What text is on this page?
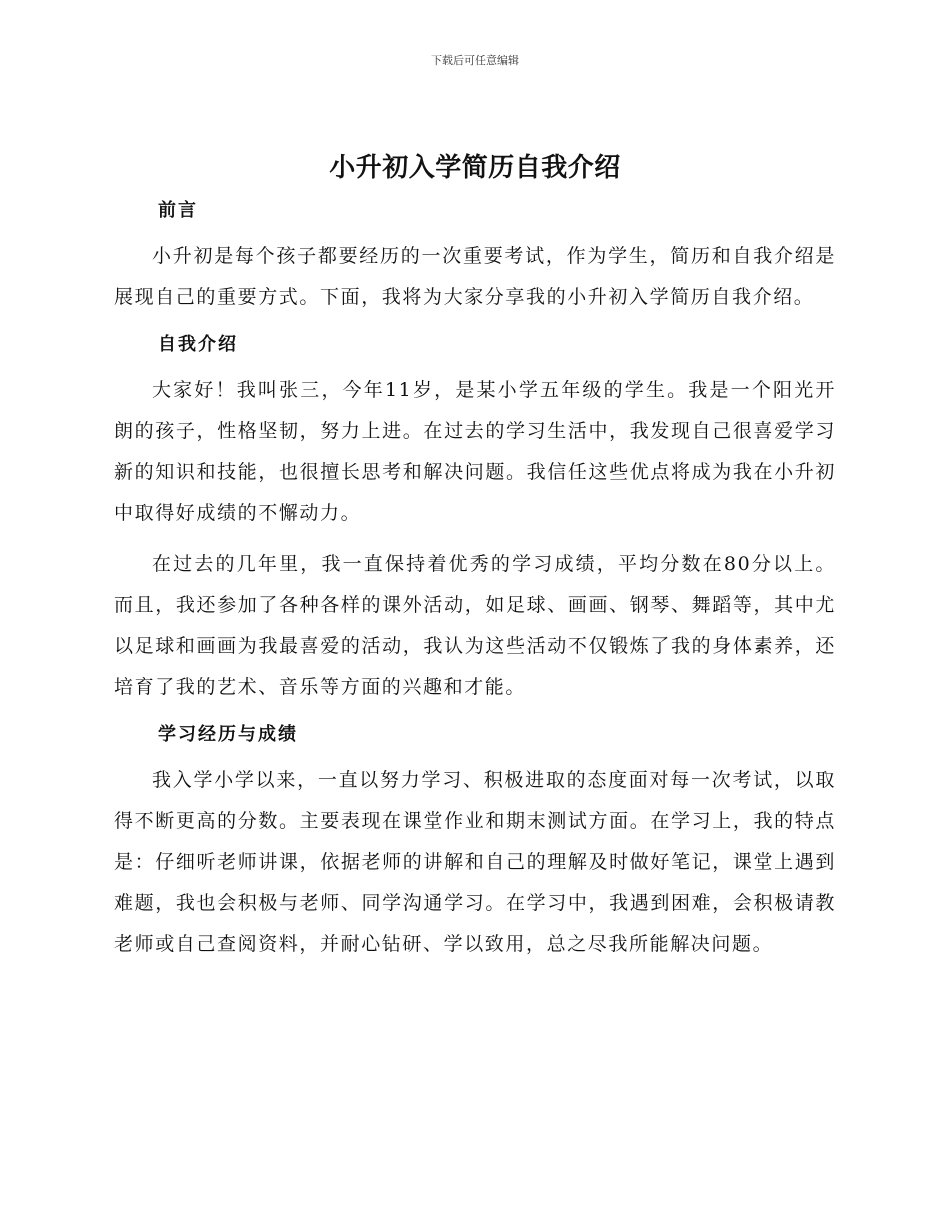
下载后可任意编辑
小升初入学简历自我介绍
前言

小升初是每个孩子都要经历的一次重要考试，作为学生，简历和自我介绍是展现自己的重要方式。下面，我将为大家分享我的小升初入学简历自我介绍。

自我介绍

大家好！我叫张三，今年11岁，是某小学五年级的学生。我是一个阳光开朗的孩子，性格坚韧，努力上进。在过去的学习生活中，我发现自己很喜爱学习新的知识和技能，也很擅长思考和解决问题。我信任这些优点将成为我在小升初中取得好成绩的不懈动力。

在过去的几年里，我一直保持着优秀的学习成绩，平均分数在80分以上。而且，我还参加了各种各样的课外活动，如足球、画画、钢琴、舞蹈等，其中尤以足球和画画为我最喜爱的活动，我认为这些活动不仅锻炼了我的身体素养，还培育了我的艺术、音乐等方面的兴趣和才能。

学习经历与成绩

我入学小学以来，一直以努力学习、积极进取的态度面对每一次考试，以取得不断更高的分数。主要表现在课堂作业和期末测试方面。在学习上，我的特点是：仔细听老师讲课，依据老师的讲解和自己的理解及时做好笔记，课堂上遇到难题，我也会积极与老师、同学沟通学习。在学习中，我遇到困难，会积极请教老师或自己查阅资料，并耐心钻研、学以致用，总之尽我所能解决问题。
